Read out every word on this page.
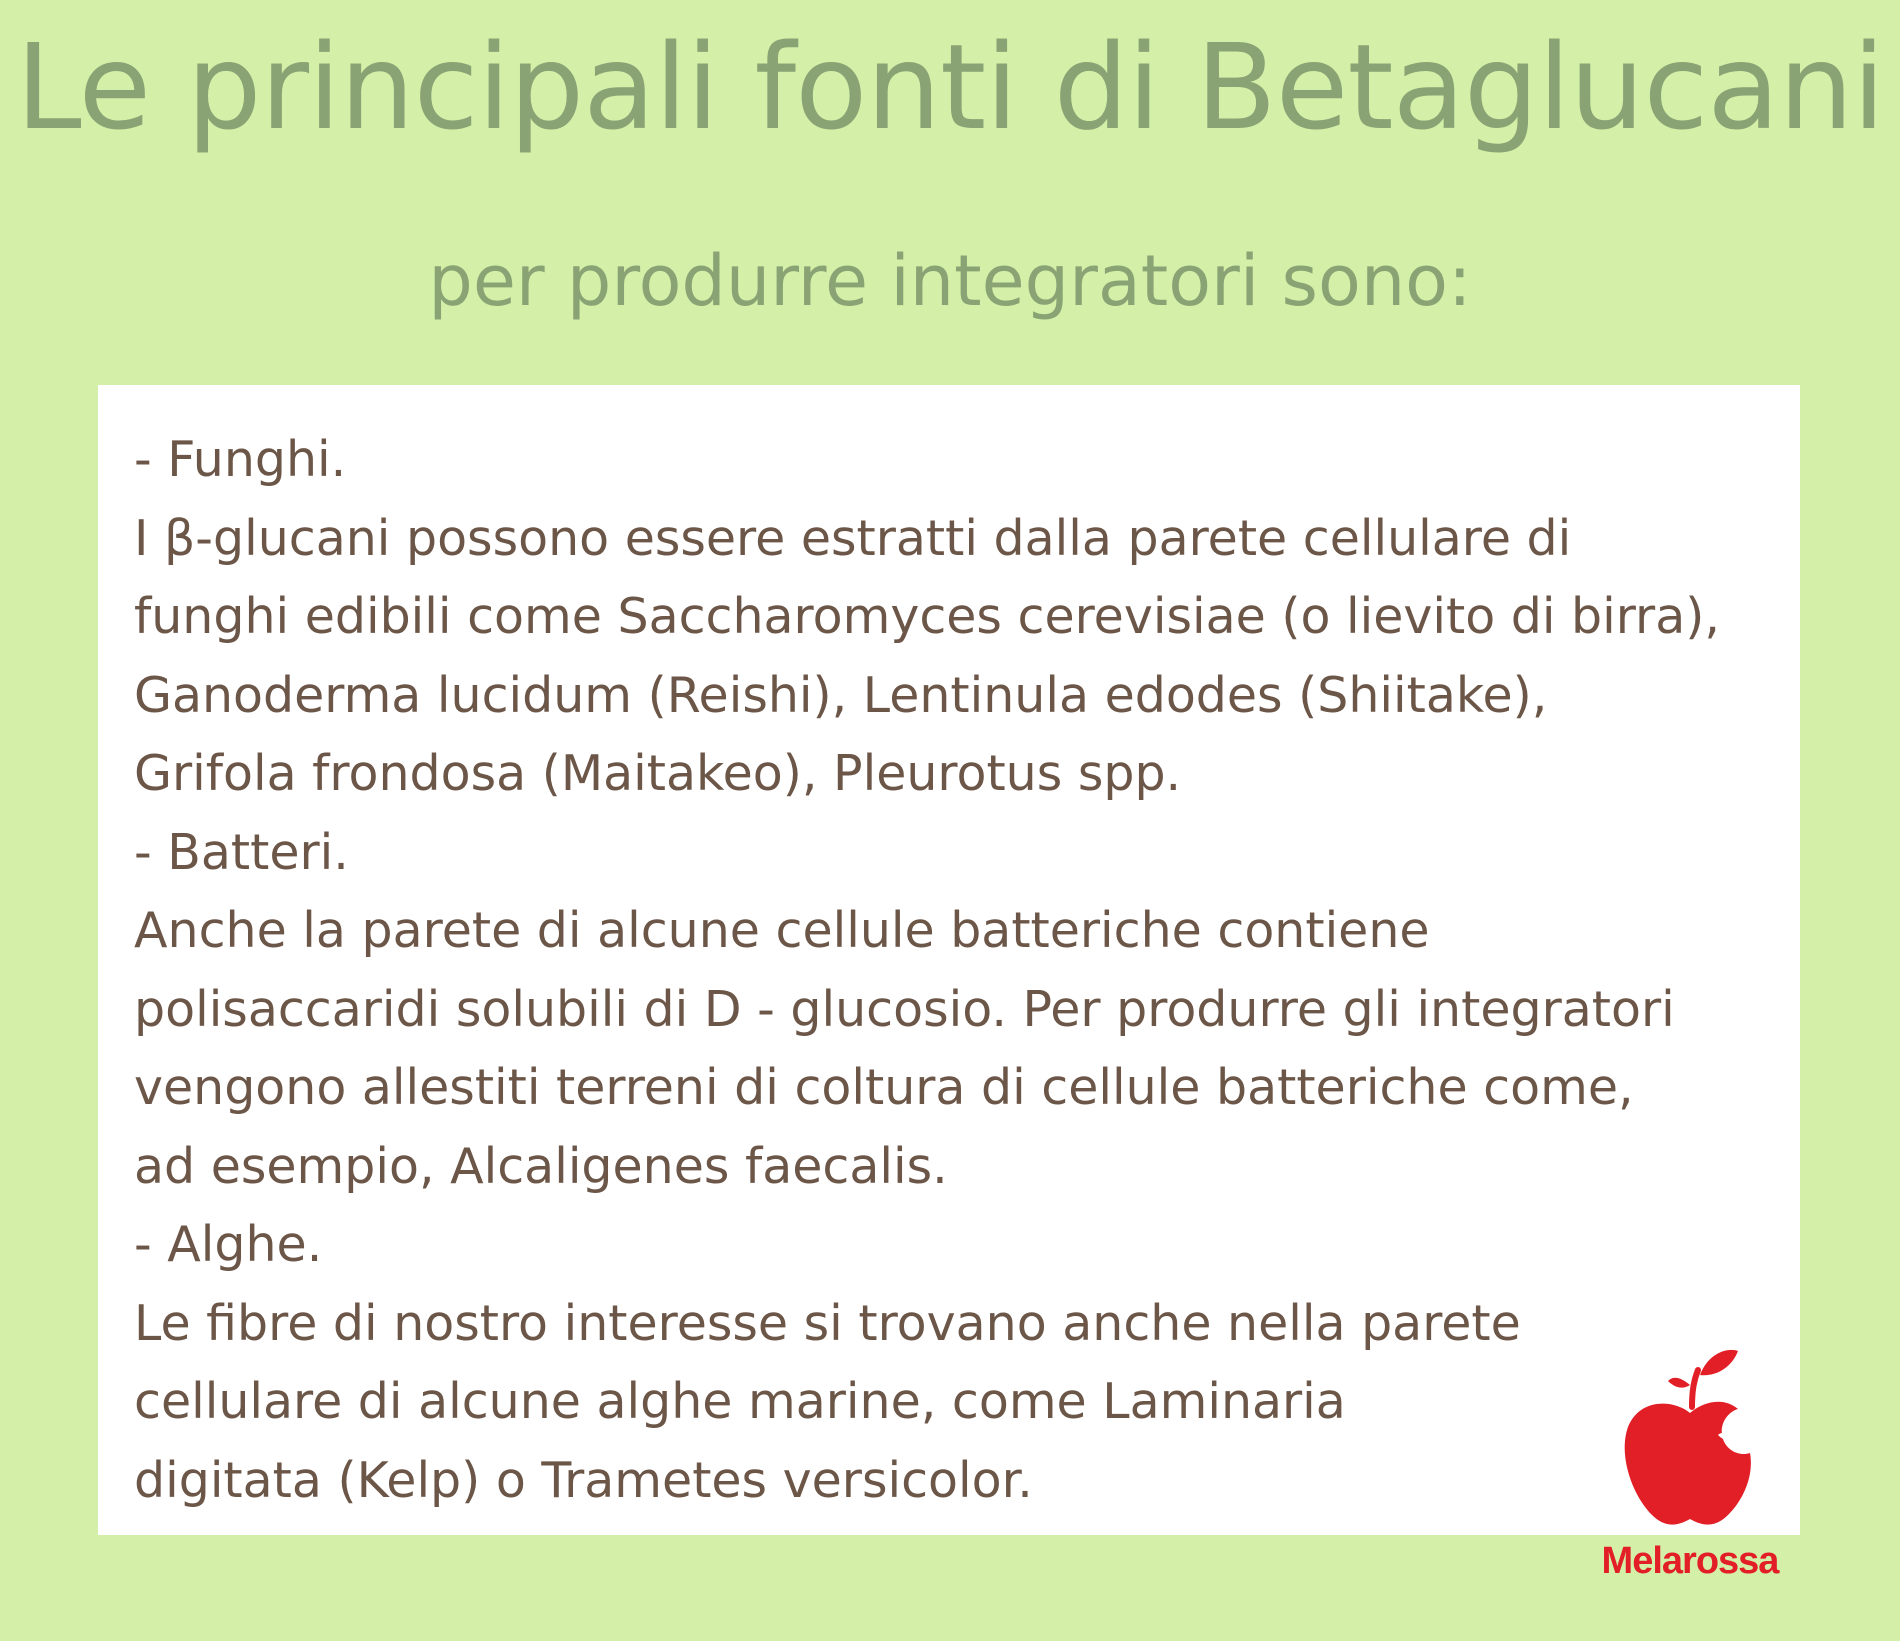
Le principali fonti di Betaglucani
per produrre integratori sono:
- Funghi.
I β-glucani possono essere estratti dalla parete cellulare di
funghi edibili come Saccharomyces cerevisiae (o lievito di birra),
Ganoderma lucidum (Reishi), Lentinula edodes (Shiitake),
Grifola frondosa (Maitakeo), Pleurotus spp.
- Batteri.
Anche la parete di alcune cellule batteriche contiene
polisaccaridi solubili di D - glucosio. Per produrre gli integratori
vengono allestiti terreni di coltura di cellule batteriche come,
ad esempio, Alcaligenes faecalis.
- Alghe.
Le fibre di nostro interesse si trovano anche nella parete
cellulare di alcune alghe marine, come Laminaria
digitata (Kelp) o Trametes versicolor.
Melarossa
